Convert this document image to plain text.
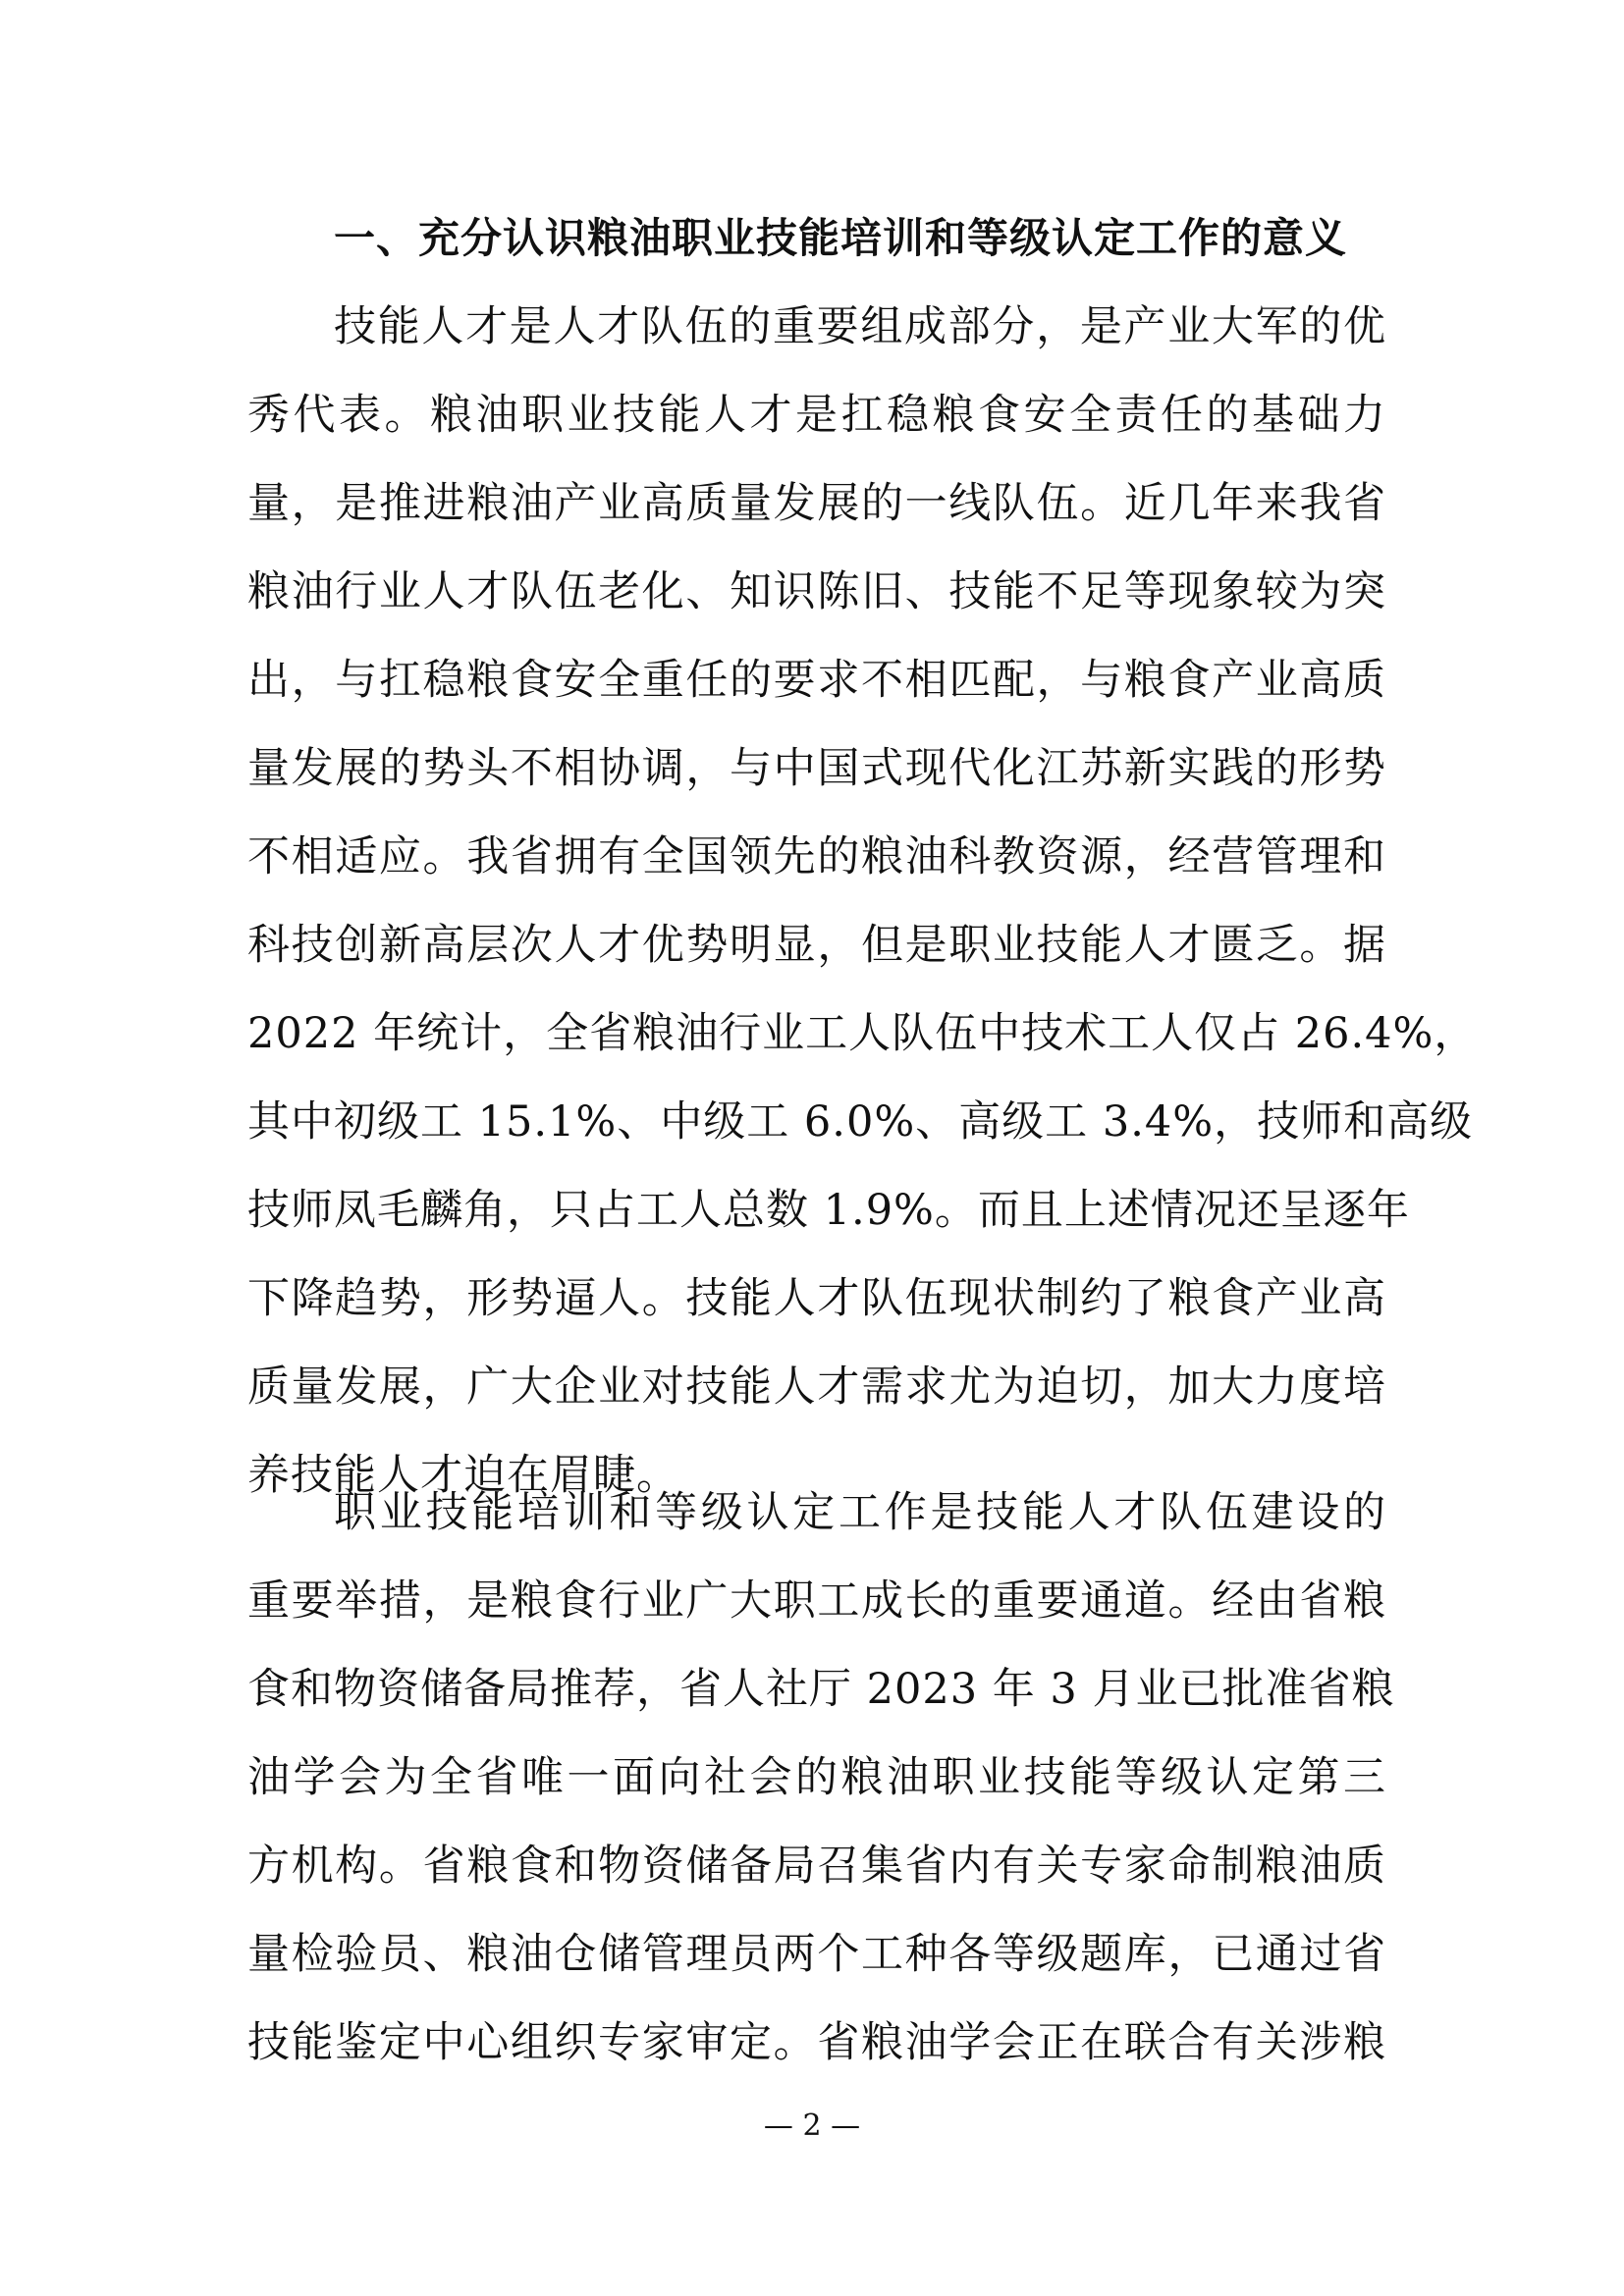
一、充分认识粮油职业技能培训和等级认定工作的意义
技能人才是人才队伍的重要组成部分，是产业大军的优
秀代表。粮油职业技能人才是扛稳粮食安全责任的基础力
量，是推进粮油产业高质量发展的一线队伍。近几年来我省
粮油行业人才队伍老化、知识陈旧、技能不足等现象较为突
出，与扛稳粮食安全重任的要求不相匹配，与粮食产业高质
量发展的势头不相协调，与中国式现代化江苏新实践的形势
不相适应。我省拥有全国领先的粮油科教资源，经营管理和
科技创新高层次人才优势明显，但是职业技能人才匮乏。据
2022 年统计，全省粮油行业工人队伍中技术工人仅占 26.4%，
其中初级工 15.1%、中级工 6.0%、高级工 3.4%，技师和高级
技师凤毛麟角，只占工人总数 1.9%。而且上述情况还呈逐年
下降趋势，形势逼人。技能人才队伍现状制约了粮食产业高
质量发展，广大企业对技能人才需求尤为迫切，加大力度培
养技能人才迫在眉睫。
职业技能培训和等级认定工作是技能人才队伍建设的
重要举措，是粮食行业广大职工成长的重要通道。经由省粮
食和物资储备局推荐，省人社厅 2023 年 3 月业已批准省粮
油学会为全省唯一面向社会的粮油职业技能等级认定第三
方机构。省粮食和物资储备局召集省内有关专家命制粮油质
量检验员、粮油仓储管理员两个工种各等级题库，已通过省
技能鉴定中心组织专家审定。省粮油学会正在联合有关涉粮
— 2 —
